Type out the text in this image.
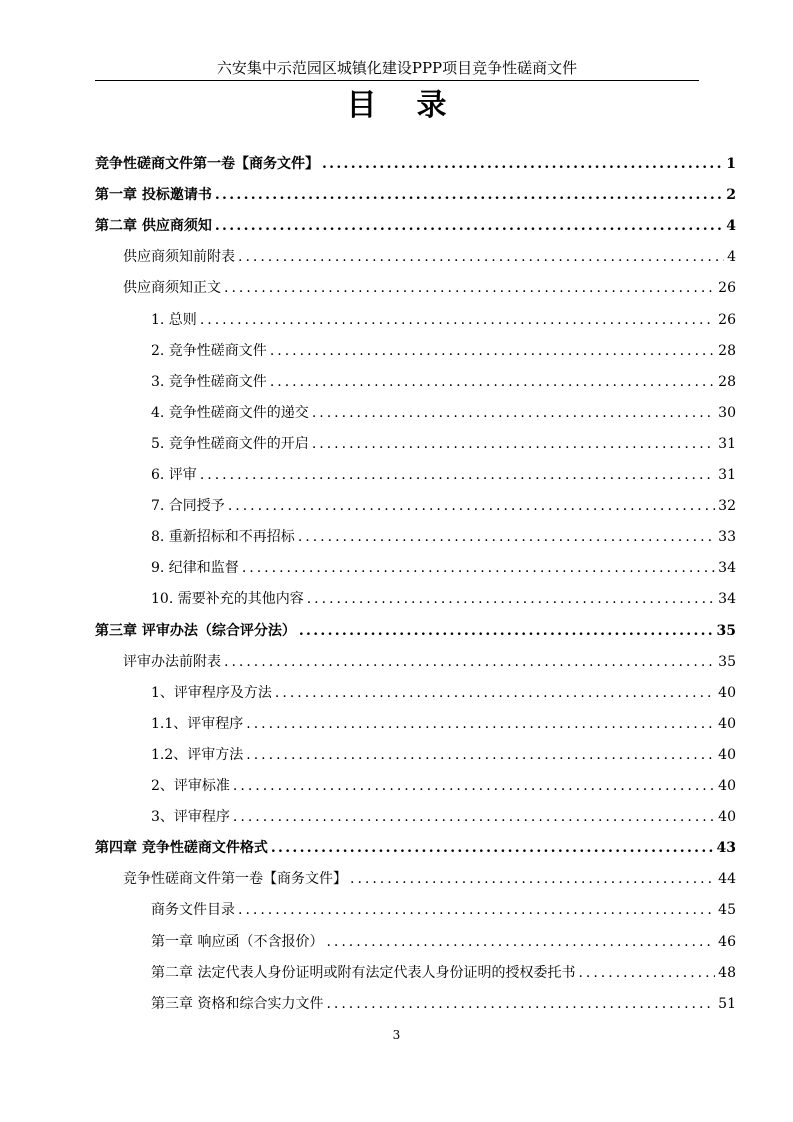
六安集中示范园区城镇化建设PPP项目竞争性磋商文件
目录
竞争性磋商文件第一卷【商务文件】 .....	1
第一章 投标邀请书 .....	2
第二章 供应商须知 .....	4
供应商须知前附表 .....	4
供应商须知正文 .....	26
1. 总则 .....	26
2. 竞争性磋商文件 .....	28
3. 竞争性磋商文件 .....	28
4. 竞争性磋商文件的递交 .....	30
5. 竞争性磋商文件的开启 .....	31
6. 评审 .....	31
7. 合同授予 .....	32
8. 重新招标和不再招标 .....	33
9. 纪律和监督 .....	34
10. 需要补充的其他内容 .....	34
第三章 评审办法（综合评分法） .....	35
评审办法前附表 .....	35
1、评审程序及方法 .....	40
1.1、评审程序 .....	40
1.2、评审方法 .....	40
2、评审标准 .....	40
3、评审程序 .....	40
第四章 竞争性磋商文件格式 .....	43
竞争性磋商文件第一卷【商务文件】 .....	44
商务文件目录 .....	45
第一章 响应函（不含报价） .....	46
第二章 法定代表人身份证明或附有法定代表人身份证明的授权委托书 .....	48
第三章 资格和综合实力文件 .....	51
3
